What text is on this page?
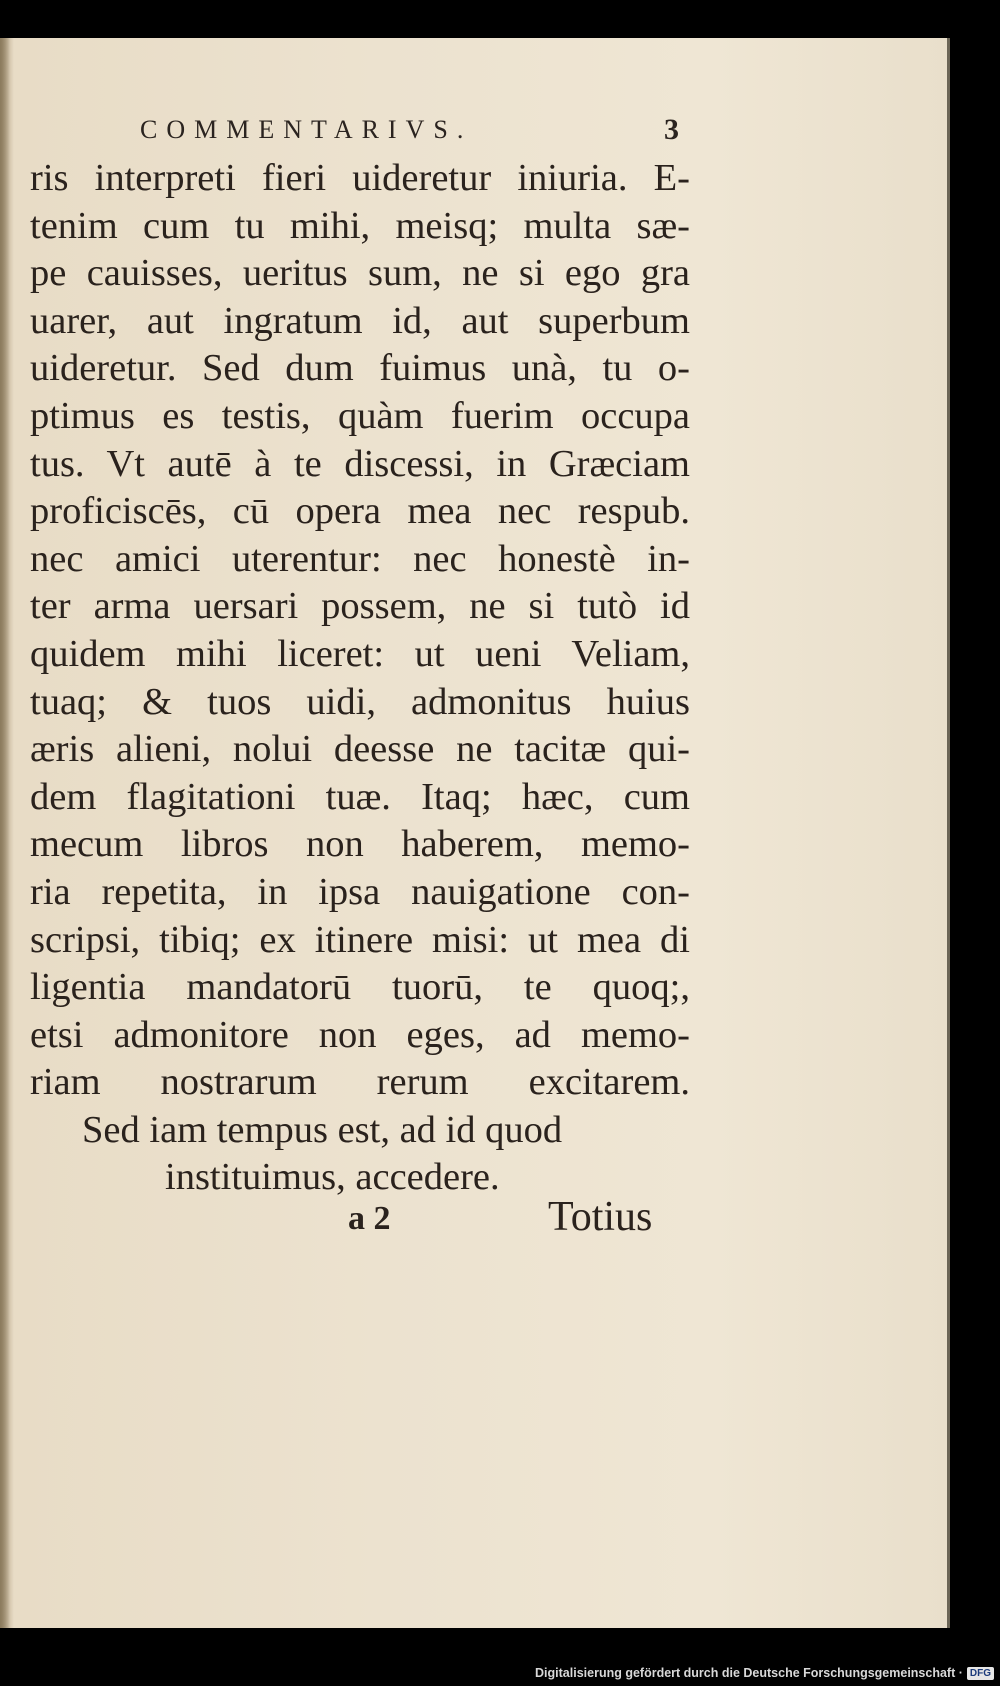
COMMENTARIVS.	3
ris interpreti fieri uideretur iniuria. E-
tenim cum tu mihi, meisq; multa sæ-
pe cauisses, ueritus sum, ne si ego gra
uarer, aut ingratum id, aut superbum
uideretur. Sed dum fuimus unà, tu o-
ptimus es testis, quàm fuerim occupa
tus. Vt autē à te discessi, in Græciam
proficiscēs, cū opera mea nec respub.
nec amici uterentur: nec honestè in-
ter arma uersari possem, ne si tutò id
quidem mihi liceret: ut ueni Veliam,
tuaq; & tuos uidi, admonitus huius
æris alieni, nolui deesse ne tacitæ qui-
dem flagitationi tuæ. Itaq; hæc, cum
mecum libros non haberem, memo-
ria repetita, in ipsa nauigatione con-
scripsi, tibiq; ex itinere misi: ut mea di
ligentia mandatorū tuorū, te quoq;,
etsi admonitore non eges, ad memo-
riam nostrarum rerum excitarem.
Sed iam tempus est, ad id quod
instituimus, accedere.
a 2	Totius
Digitalisierung gefördert durch die Deutsche Forschungsgemeinschaft · DFG
